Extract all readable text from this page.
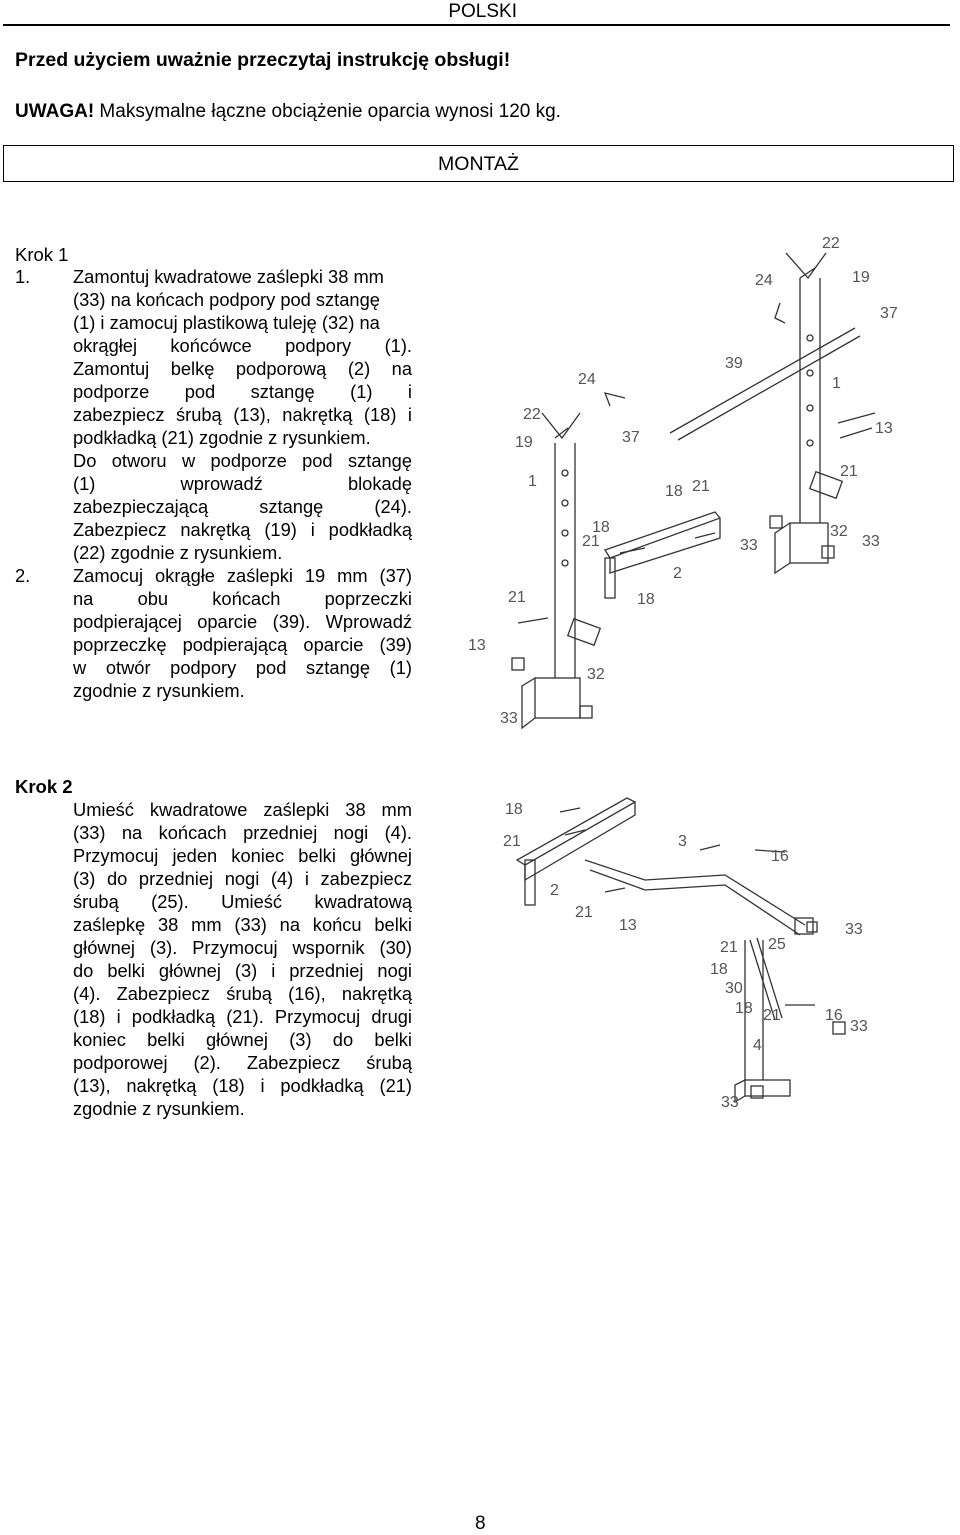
POLSKI
Przed użyciem uważnie przeczytaj instrukcję obsługi!
UWAGA! Maksymalne łączne obciążenie oparcia wynosi 120 kg.
MONTAŻ
Krok 1
1. Zamontuj kwadratowe zaślepki 38 mm
(33) na końcach podpory pod sztangę
(1) i zamocuj plastikową tuleję (32) na
okrągłej końcówce podpory (1).
Zamontuj belkę podporową (2) na
podporze pod sztangę (1) i
zabezpiecz śrubą (13), nakrętką (18) i
podkładką (21) zgodnie z rysunkiem.
Do otworu w podporze pod sztangę
(1) wprowadź blokadę
zabezpieczającą sztangę (24).
Zabezpiecz nakrętką (19) i podkładką
(22) zgodnie z rysunkiem.
2. Zamocuj okrągłe zaślepki 19 mm (37)
na obu końcach poprzeczki
podpierającej oparcie (39). Wprowadź
poprzeczkę podpierającą oparcie (39)
w otwór podpory pod sztangę (1)
zgodnie z rysunkiem.
22
24	19
37
39
1
13
24
22
19	37
21
18 21
1
32
33
33
18
21
2
18
21
13
33
32
Krok 2
Umieść kwadratowe zaślepki 38 mm
(33) na końcach przedniej nogi (4).
Przymocuj jeden koniec belki głównej
(3) do przedniej nogi (4) i zabezpiecz
śrubą (25). Umieść kwadratową
zaślepkę 38 mm (33) na końcu belki
głównej (3). Przymocuj wspornik (30)
do belki głównej (3) i przedniej nogi
(4). Zabezpiecz śrubą (16), nakrętką
(18) i podkładką (21). Przymocuj drugi
koniec belki głównej (3) do belki
podporowej (2). Zabezpiecz śrubą
(13), nakrętką (18) i podkładką (21)
zgodnie z rysunkiem.
18
21	3
16
2
21
13	33
21 25
18
30
18 21	16
33
4
33
8
